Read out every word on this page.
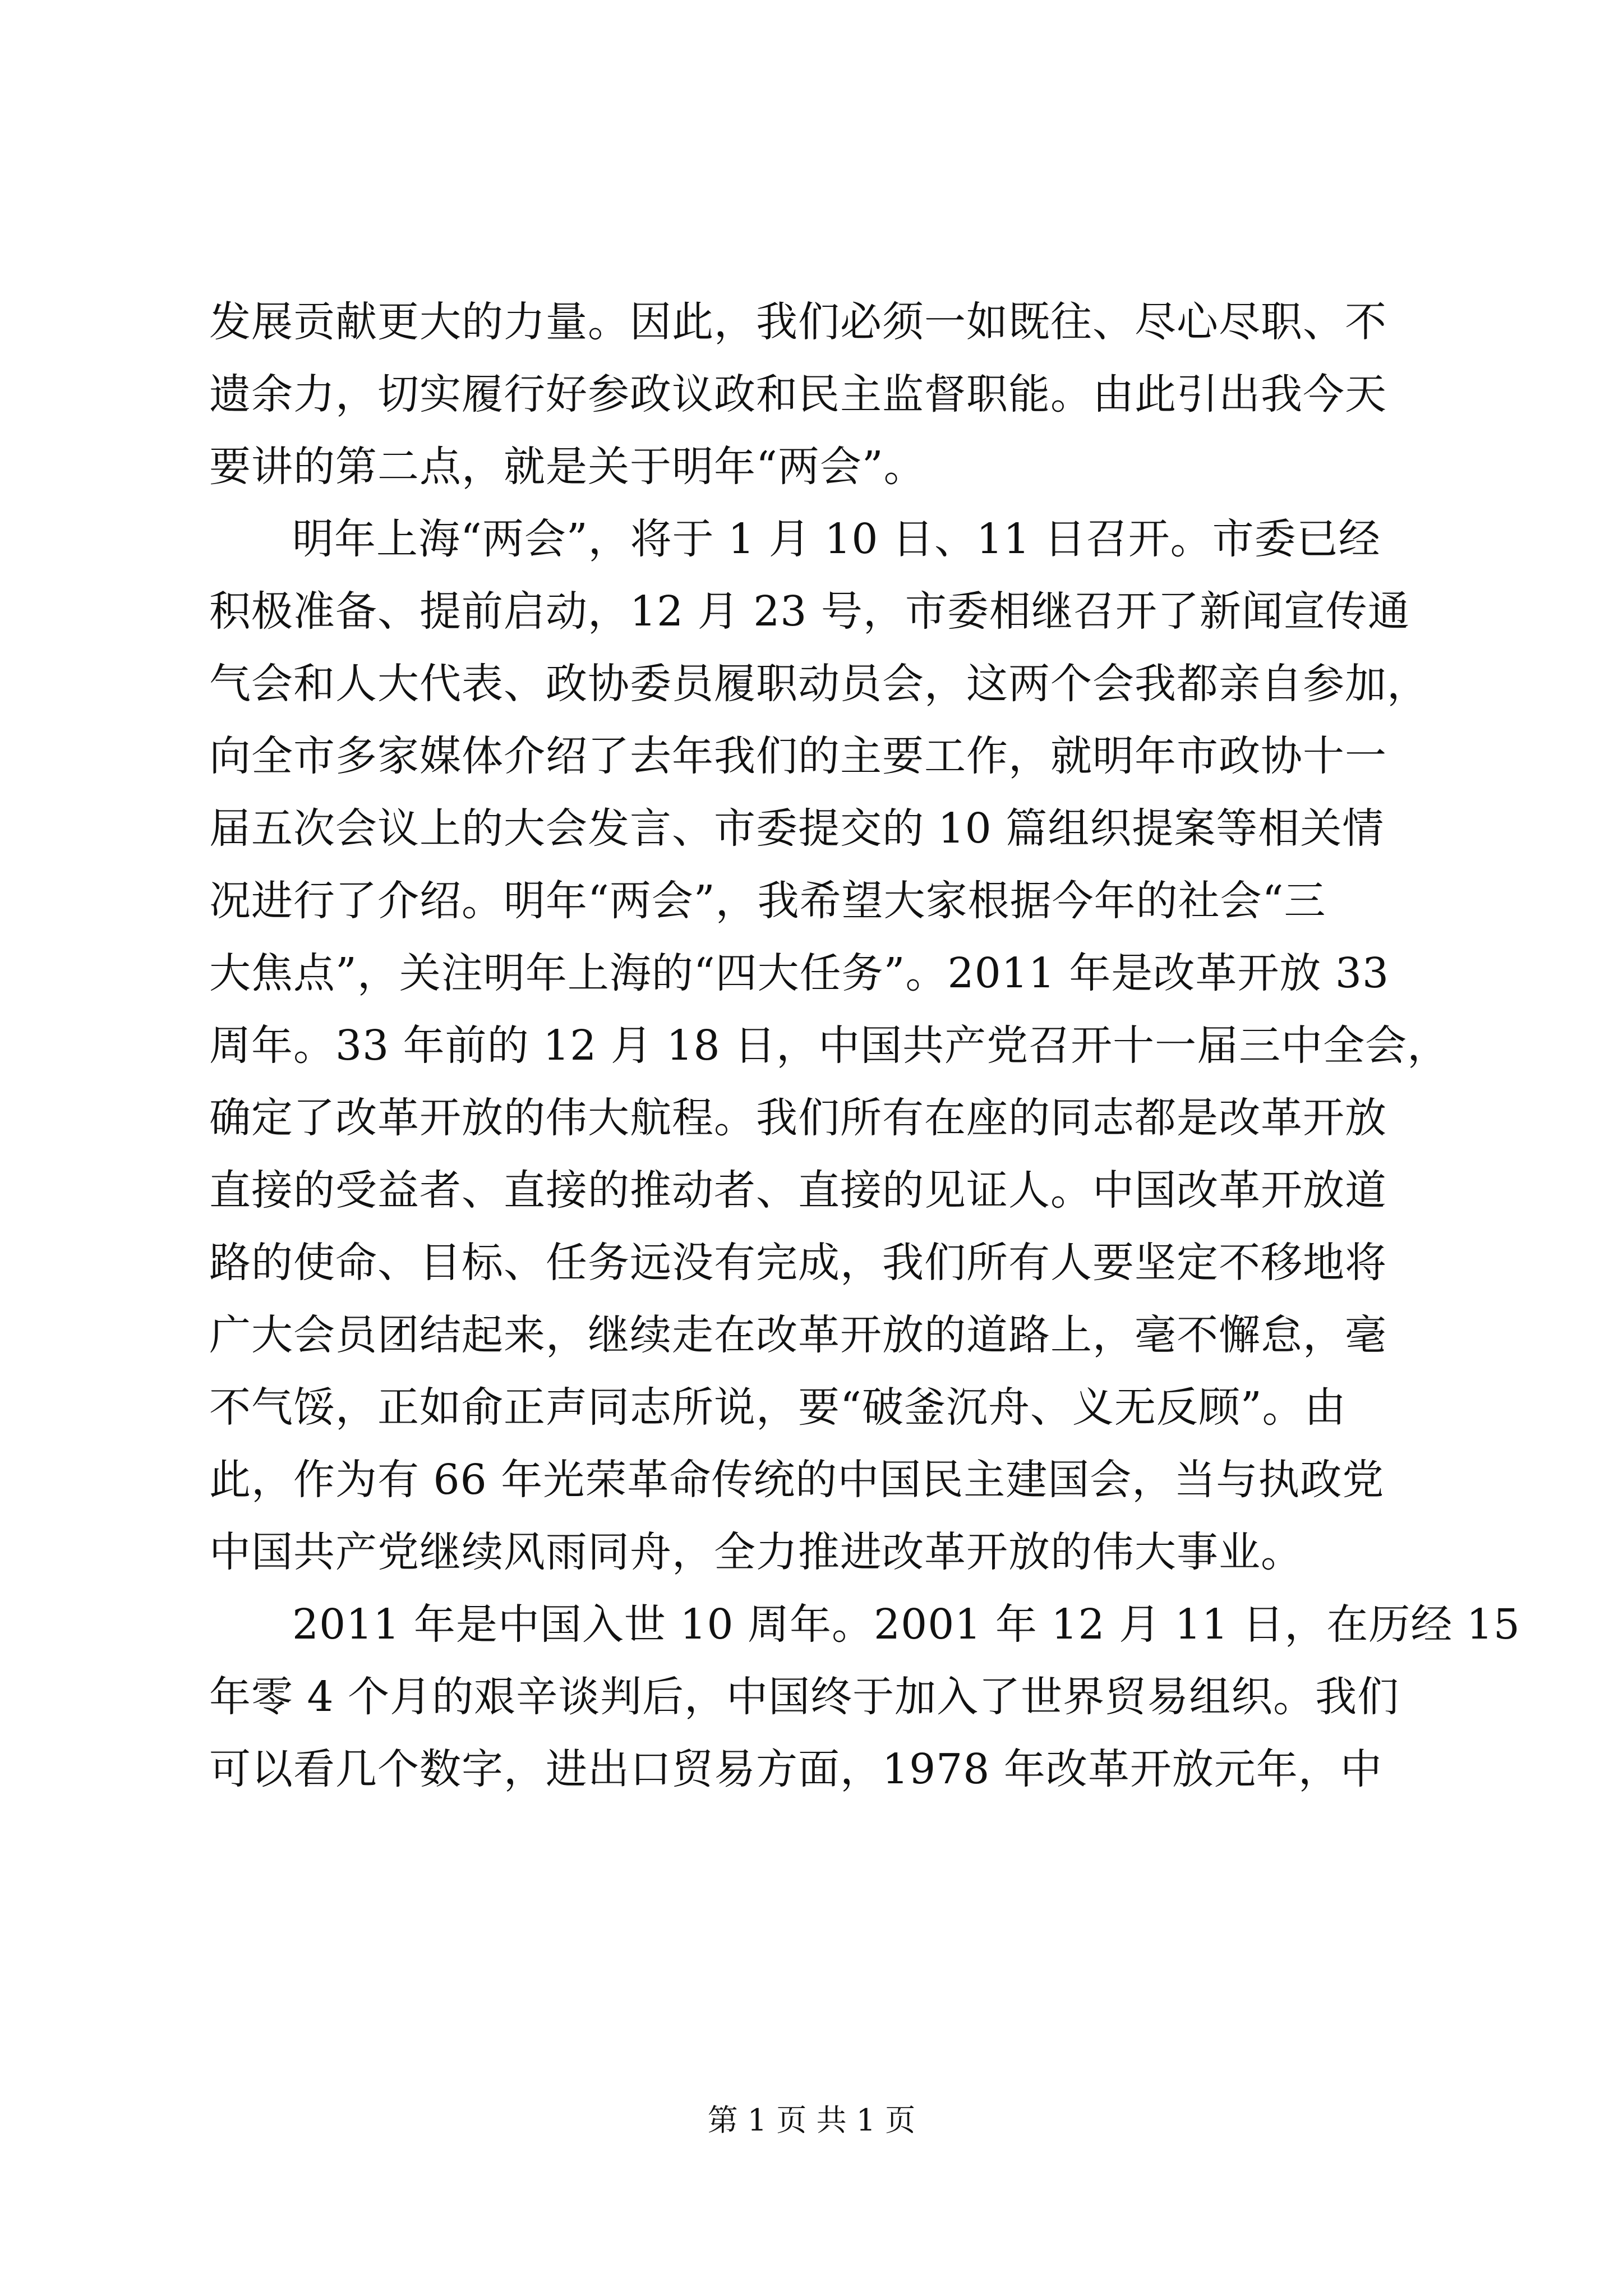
发展贡献更大的力量。因此，我们必须一如既往、尽心尽职、不
遗余力，切实履行好参政议政和民主监督职能。由此引出我今天
要讲的第二点，就是关于明年“两会”。
明年上海“两会”，将于 1 月 10 日、11 日召开。市委已经
积极准备、提前启动，12 月 23 号，市委相继召开了新闻宣传通
气会和人大代表、政协委员履职动员会，这两个会我都亲自参加，
向全市多家媒体介绍了去年我们的主要工作，就明年市政协十一
届五次会议上的大会发言、市委提交的 10 篇组织提案等相关情
况进行了介绍。明年“两会”，我希望大家根据今年的社会“三
大焦点”，关注明年上海的“四大任务”。2011 年是改革开放 33
周年。33 年前的 12 月 18 日，中国共产党召开十一届三中全会，
确定了改革开放的伟大航程。我们所有在座的同志都是改革开放
直接的受益者、直接的推动者、直接的见证人。中国改革开放道
路的使命、目标、任务远没有完成，我们所有人要坚定不移地将
广大会员团结起来，继续走在改革开放的道路上，毫不懈怠，毫
不气馁，正如俞正声同志所说，要“破釜沉舟、义无反顾”。由
此，作为有 66 年光荣革命传统的中国民主建国会，当与执政党
中国共产党继续风雨同舟，全力推进改革开放的伟大事业。
2011 年是中国入世 10 周年。2001 年 12 月 11 日，在历经 15
年零 4 个月的艰辛谈判后，中国终于加入了世界贸易组织。我们
可以看几个数字，进出口贸易方面，1978 年改革开放元年，中
第 1 页 共 1 页
